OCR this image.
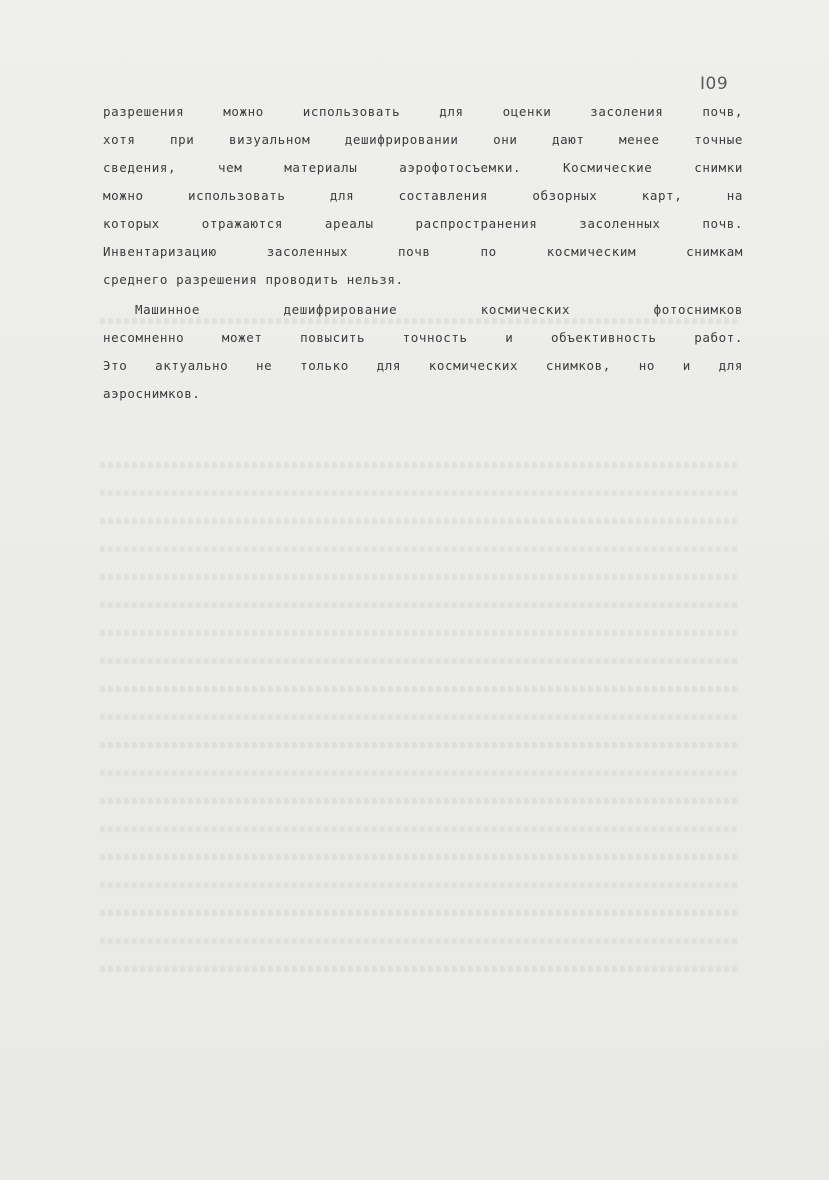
I09
разрешения можно использовать для оценки засоления почв,
хотя при визуальном дешифрировании они дают менее точные
сведения, чем материалы аэрофотосъемки. Космические снимки
можно использовать для составления обзорных карт, на
которых отражаются ареалы распространения засоленных почв.
Инвентаризацию засоленных почв по космическим снимкам
среднего разрешения проводить нельзя.
Машинное дешифрирование космических фотоснимков
несомненно может повысить точность и объективность работ.
Это актуально не только для космических снимков, но и для
аэроснимков.
